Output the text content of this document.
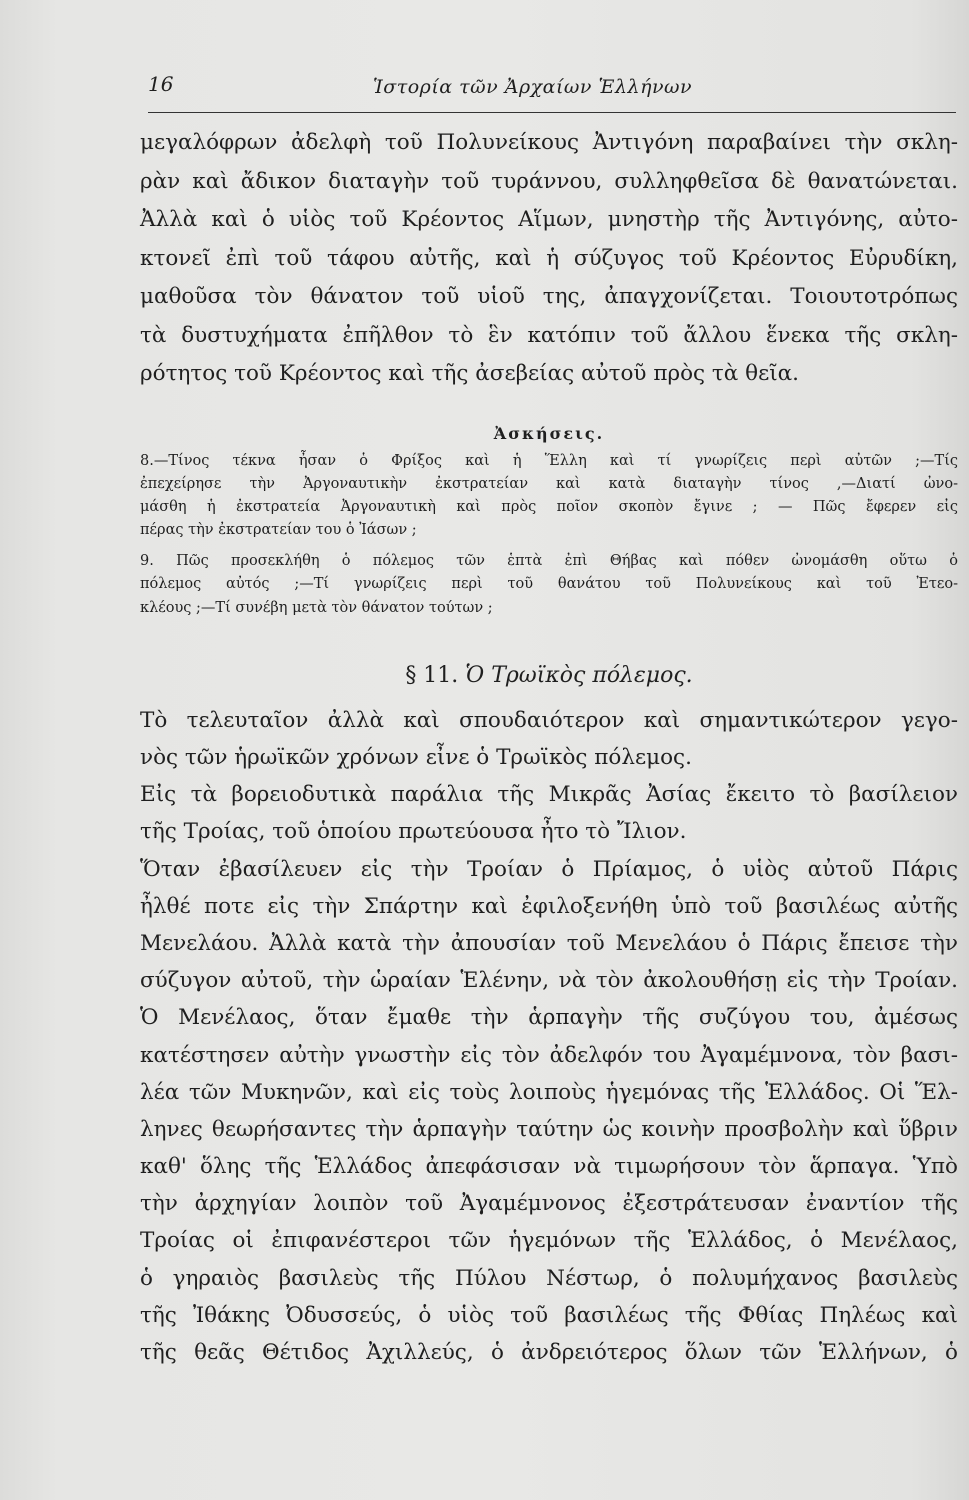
16	Ἱστορία τῶν Ἀρχαίων Ἑλλήνων
μεγαλόφρων ἀδελφὴ τοῦ Πολυνείκους Ἀντιγόνη παραβαίνει τὴν σκλη-
ρὰν καὶ ἄδικον διαταγὴν τοῦ τυράννου, συλληφθεῖσα δὲ θανατώνεται.
Ἀλλὰ καὶ ὁ υἱὸς τοῦ Κρέοντος Αἵμων, μνηστὴρ τῆς Ἀντιγόνης, αὐτο-
κτονεῖ ἐπὶ τοῦ τάφου αὐτῆς, καὶ ἡ σύζυγος τοῦ Κρέοντος Εὐρυδίκη,
μαθοῦσα τὸν θάνατον τοῦ υἱοῦ της, ἀπαγχονίζεται. Τοιουτοτρόπως
τὰ δυστυχήματα ἐπῆλθον τὸ ἓν κατόπιν τοῦ ἄλλου ἕνεκα τῆς σκλη-
ρότητος τοῦ Κρέοντος καὶ τῆς ἀσεβείας αὐτοῦ πρὸς τὰ θεῖα.
Ἀσκήσεις.
8.—Τίνος τέκνα ἦσαν ὁ Φρίξος καὶ ἡ Ἕλλη καὶ τί γνωρίζεις περὶ αὐτῶν ;—Τίς
ἐπεχείρησε τὴν Ἀργοναυτικὴν ἐκστρατείαν καὶ κατὰ διαταγὴν τίνος ,—Διατί ὠνο-
μάσθη ἡ ἐκστρατεία Ἀργοναυτικὴ καὶ πρὸς ποῖον σκοπὸν ἔγινε ; — Πῶς ἔφερεν εἰς
πέρας τὴν ἐκστρατείαν του ὁ Ἰάσων ;
9. Πῶς προσεκλήθη ὁ πόλεμος τῶν ἑπτὰ ἐπὶ Θήβας καὶ πόθεν ὠνομάσθη οὕτω ὁ
πόλεμος αὐτός ;—Τί γνωρίζεις περὶ τοῦ θανάτου τοῦ Πολυνείκους καὶ τοῦ Ἐτεο-
κλέους ;—Τί συνέβη μετὰ τὸν θάνατον τούτων ;
§ 11. Ὁ Τρωϊκὸς πόλεμος.
Τὸ τελευταῖον ἀλλὰ καὶ σπουδαιότερον καὶ σημαντικώτερον γεγο-
νὸς τῶν ἡρωϊκῶν χρόνων εἶνε ὁ Τρωϊκὸς πόλεμος.
Εἰς τὰ βορειοδυτικὰ παράλια τῆς Μικρᾶς Ἀσίας ἔκειτο τὸ βασίλειον
τῆς Τροίας, τοῦ ὁποίου πρωτεύουσα ἦτο τὸ Ἴλιον.
Ὅταν ἐβασίλευεν εἰς τὴν Τροίαν ὁ Πρίαμος, ὁ υἱὸς αὐτοῦ Πάρις
ἦλθέ ποτε εἰς τὴν Σπάρτην καὶ ἐφιλοξενήθη ὑπὸ τοῦ βασιλέως αὐτῆς
Μενελάου. Ἀλλὰ κατὰ τὴν ἀπουσίαν τοῦ Μενελάου ὁ Πάρις ἔπεισε τὴν
σύζυγον αὐτοῦ, τὴν ὡραίαν Ἑλένην, νὰ τὸν ἀκολουθήσῃ εἰς τὴν Τροίαν.
Ὁ Μενέλαος, ὅταν ἔμαθε τὴν ἁρπαγὴν τῆς συζύγου του, ἀμέσως
κατέστησεν αὐτὴν γνωστὴν εἰς τὸν ἀδελφόν του Ἀγαμέμνονα, τὸν βασι-
λέα τῶν Μυκηνῶν, καὶ εἰς τοὺς λοιποὺς ἡγεμόνας τῆς Ἑλλάδος. Οἱ Ἕλ-
ληνες θεωρήσαντες τὴν ἁρπαγὴν ταύτην ὡς κοινὴν προσβολὴν καὶ ὕβριν
καθ' ὅλης τῆς Ἑλλάδος ἀπεφάσισαν νὰ τιμωρήσουν τὸν ἅρπαγα. Ὑπὸ
τὴν ἀρχηγίαν λοιπὸν τοῦ Ἀγαμέμνονος ἐξεστράτευσαν ἐναντίον τῆς
Τροίας οἱ ἐπιφανέστεροι τῶν ἡγεμόνων τῆς Ἑλλάδος, ὁ Μενέλαος,
ὁ γηραιὸς βασιλεὺς τῆς Πύλου Νέστωρ, ὁ πολυμήχανος βασιλεὺς
τῆς Ἰθάκης Ὀδυσσεύς, ὁ υἱὸς τοῦ βασιλέως τῆς Φθίας Πηλέως καὶ
τῆς θεᾶς Θέτιδος Ἀχιλλεύς, ὁ ἀνδρειότερος ὅλων τῶν Ἑλλήνων, ὁ
